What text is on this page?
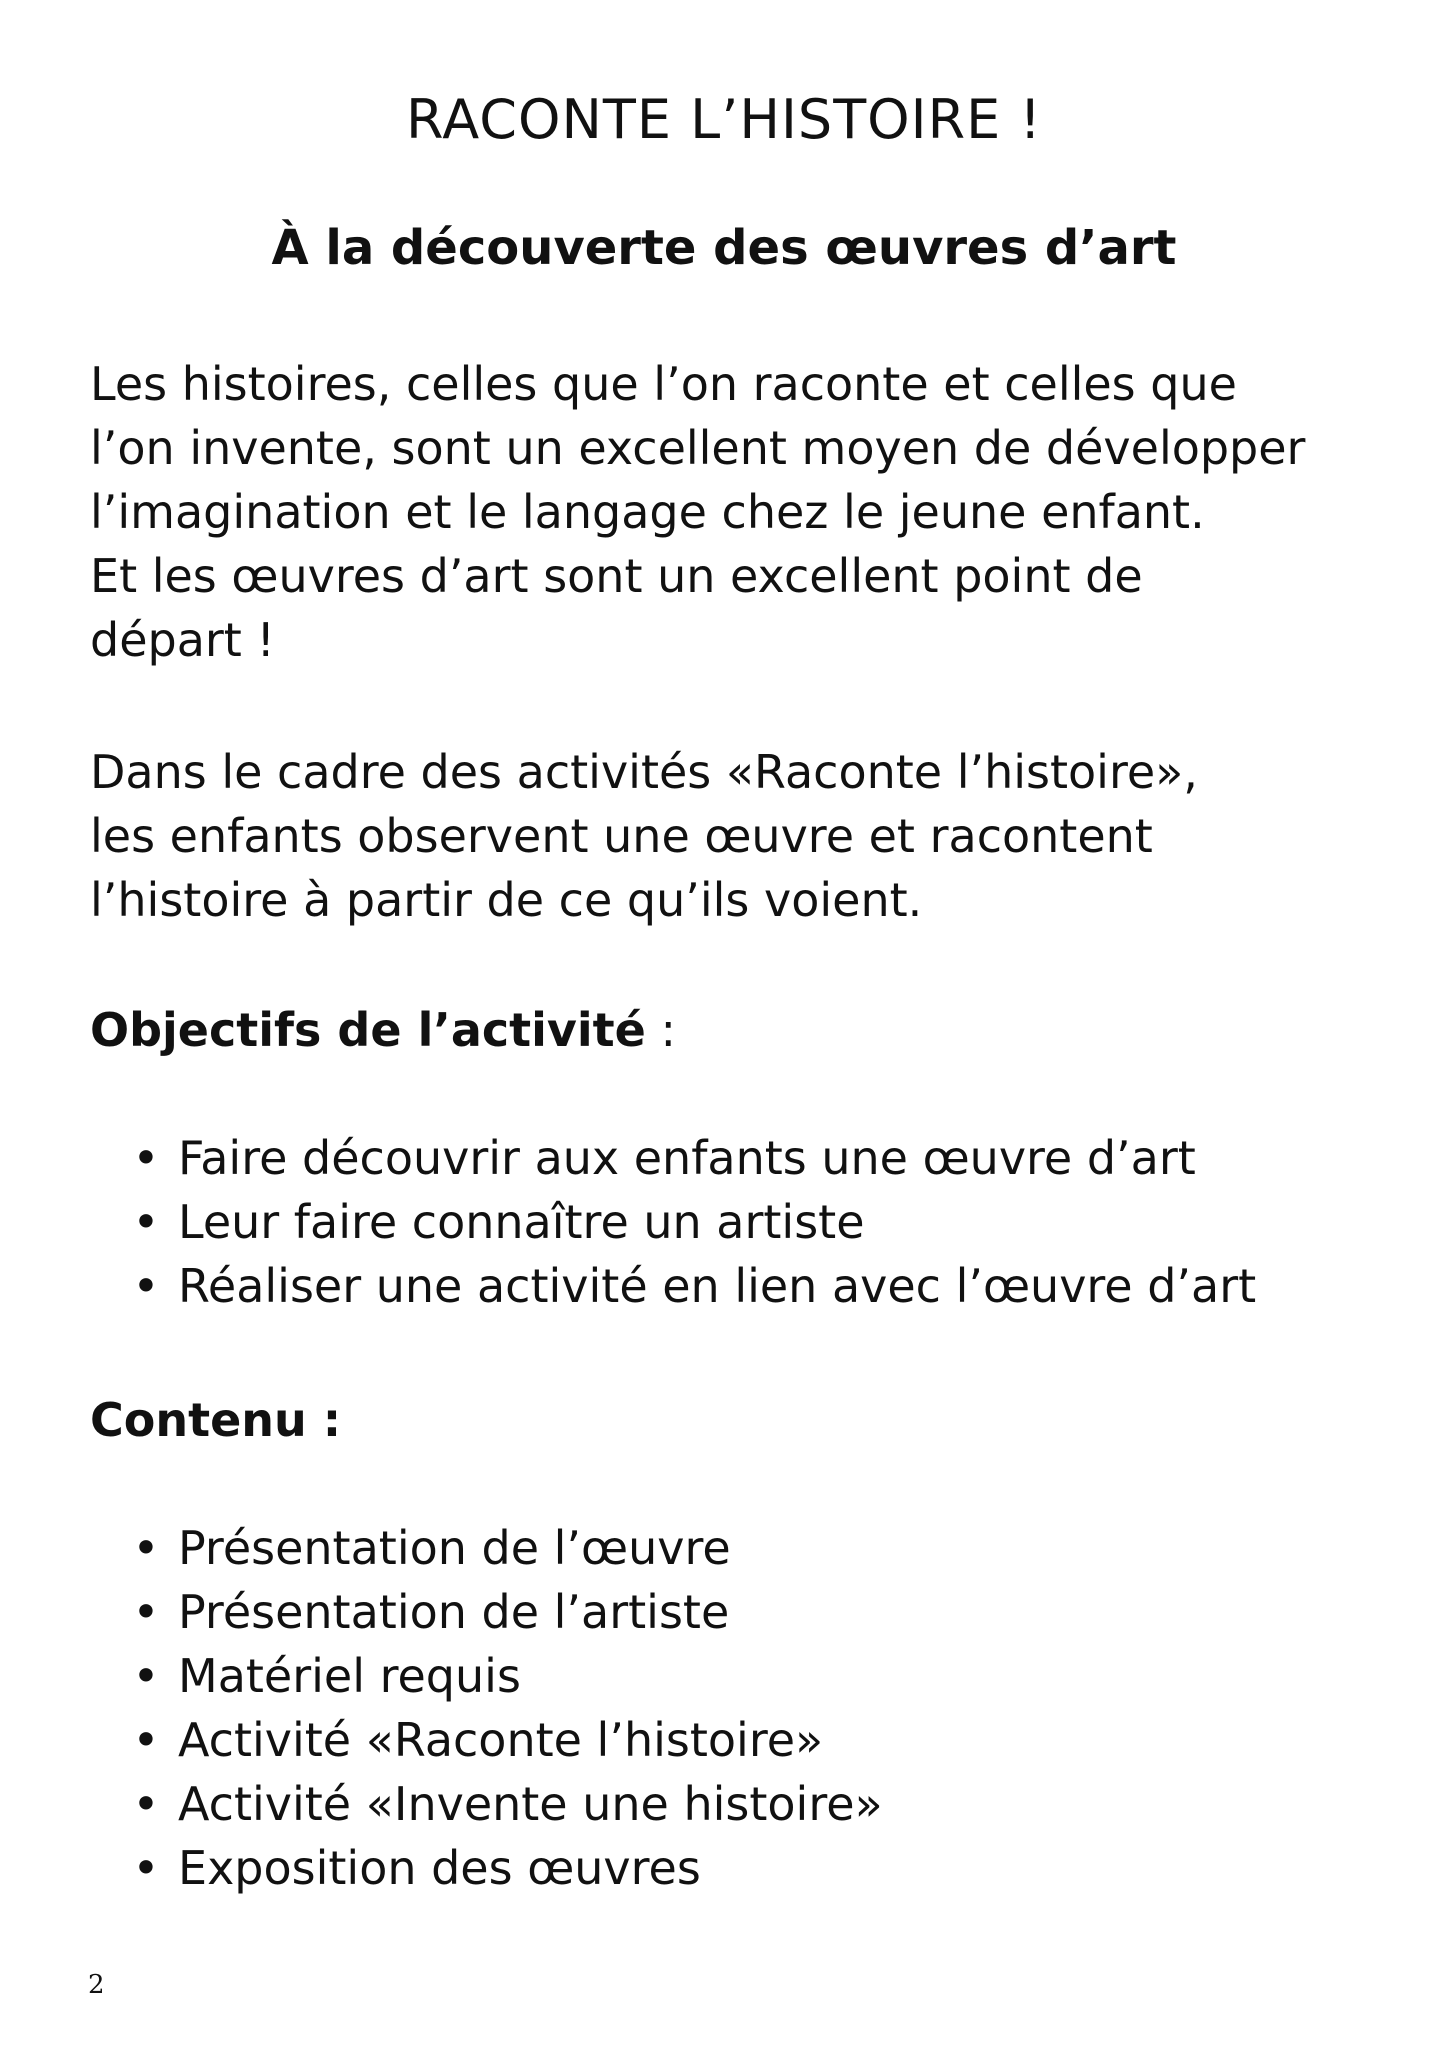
RACONTE L’HISTOIRE !
À la découverte des œuvres d’art
Les histoires, celles que l’on raconte et celles que
l’on invente, sont un excellent moyen de développer
l’imagination et le langage chez le jeune enfant.
Et les œuvres d’art sont un excellent point de
départ !
Dans le cadre des activités «Raconte l’histoire»,
les enfants observent une œuvre et racontent
l’histoire à partir de ce qu’ils voient.
Objectifs de l’activité :
• Faire découvrir aux enfants une œuvre d’art
• Leur faire connaître un artiste
• Réaliser une activité en lien avec l’œuvre d’art
Contenu :
• Présentation de l’œuvre
• Présentation de l’artiste
• Matériel requis
• Activité «Raconte l’histoire»
• Activité «Invente une histoire»
• Exposition des œuvres
2
